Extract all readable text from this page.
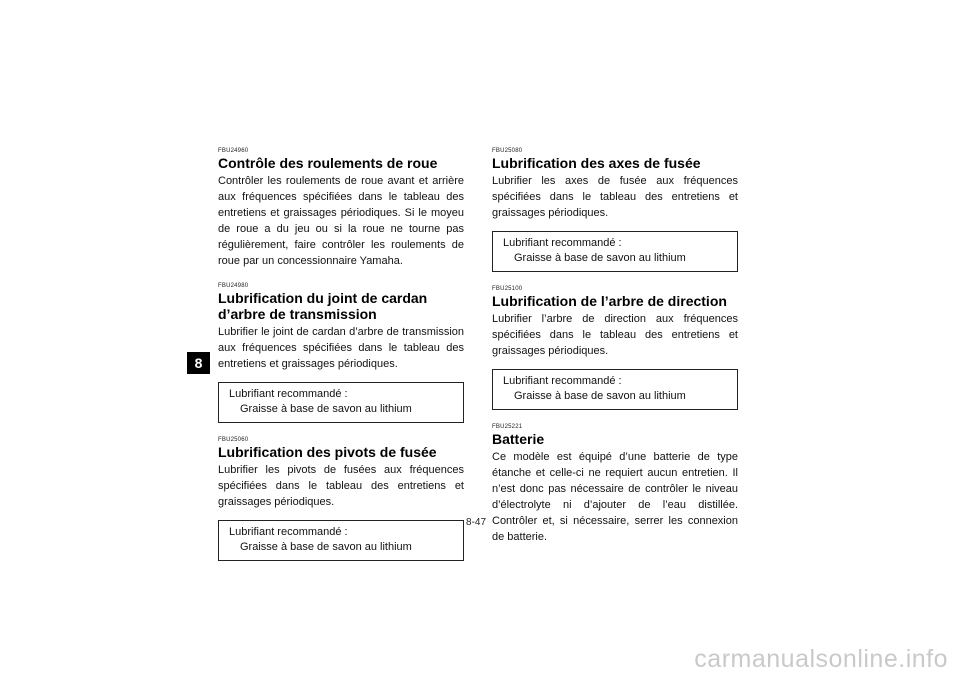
8
FBU24960
Contrôle des roulements de roue

Contrôler les roulements de roue avant et arrière aux fréquences spécifiées dans le tableau des entretiens et graissages périodiques. Si le moyeu de roue a du jeu ou si la roue ne tourne pas régulièrement, faire contrôler les roulements de roue par un concessionnaire Yamaha.

FBU24980
Lubrification du joint de cardan d’arbre de transmission

Lubrifier le joint de cardan d’arbre de transmission aux fréquences spécifiées dans le tableau des entretiens et graissages périodiques.

Lubrifiant recommandé :
Graisse à base de savon au lithium
FBU25060
Lubrification des pivots de fusée

Lubrifier les pivots de fusées aux fréquences spécifiées dans le tableau des entretiens et graissages périodiques.

Lubrifiant recommandé :
Graisse à base de savon au lithium
FBU25080
Lubrification des axes de fusée

Lubrifier les axes de fusée aux fréquences spécifiées dans le tableau des entretiens et graissages périodiques.

Lubrifiant recommandé :
Graisse à base de savon au lithium
FBU25100
Lubrification de l’arbre de direction

Lubrifier l’arbre de direction aux fréquences spécifiées dans le tableau des entretiens et graissages périodiques.

Lubrifiant recommandé :
Graisse à base de savon au lithium
FBU25221
Batterie

Ce modèle est équipé d’une batterie de type étanche et celle-ci ne requiert aucun entretien. Il n’est donc pas nécessaire de contrôler le niveau d’électrolyte ni d’ajouter de l’eau distillée. Contrôler et, si nécessaire, serrer les connexion de batterie.

8-47
carmanualsonline.info
